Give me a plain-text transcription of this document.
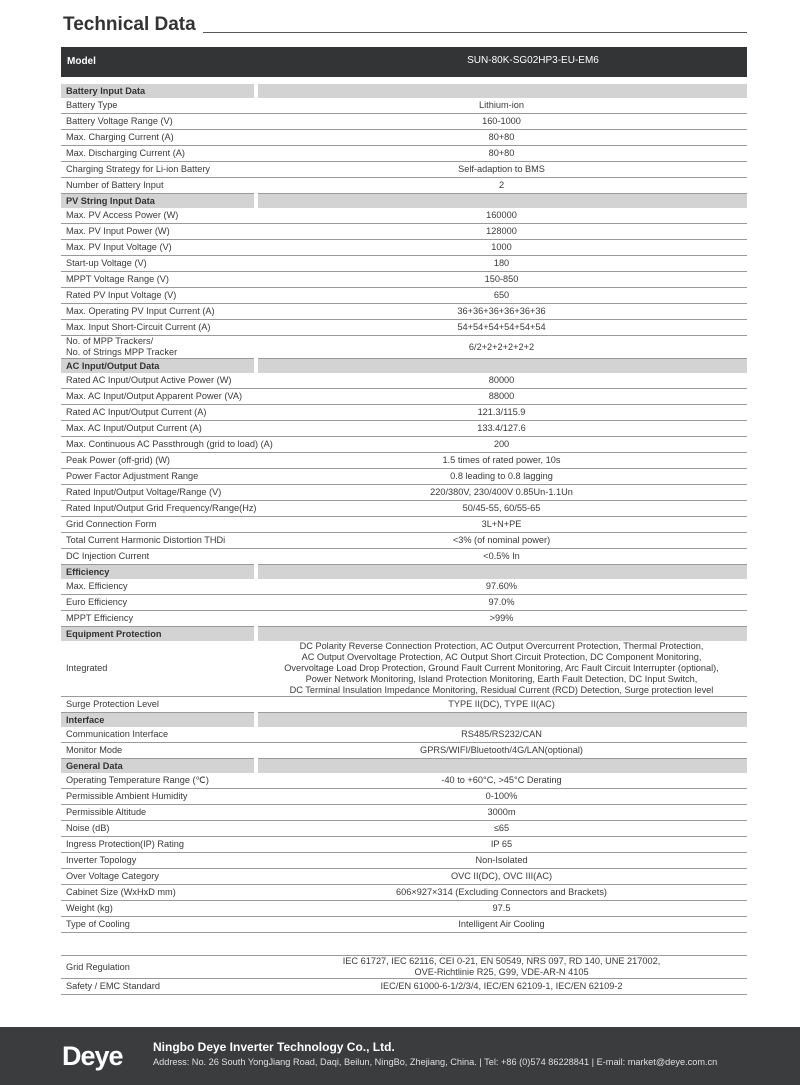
Technical Data
Model	SUN-80K-SG02HP3-EU-EM6
Battery Input Data	
Battery Type	Lithium-ion
Battery Voltage Range (V)	160-1000
Max. Charging Current (A)	80+80
Max. Discharging Current (A)	80+80
Charging Strategy for Li-ion Battery	Self-adaption to BMS
Number of Battery Input	2
PV String Input Data	
Max. PV Access Power (W)	160000
Max. PV Input Power (W)	128000
Max. PV Input Voltage (V)	1000
Start-up Voltage (V)	180
MPPT Voltage Range (V)	150-850
Rated PV Input Voltage (V)	650
Max. Operating PV Input Current (A)	36+36+36+36+36+36
Max. Input Short-Circuit Current (A)	54+54+54+54+54+54
No. of MPP Trackers/
No. of Strings MPP Tracker	6/2+2+2+2+2+2
AC Input/Output Data	
Rated AC Input/Output Active Power (W)	80000
Max. AC Input/Output Apparent Power (VA)	88000
Rated AC Input/Output Current (A)	121.3/115.9
Max. AC Input/Output Current (A)	133.4/127.6
Max. Continuous AC Passthrough (grid to load) (A)	200
Peak Power (off-grid) (W)	1.5 times of rated power, 10s
Power Factor Adjustment Range	0.8 leading to 0.8 lagging
Rated Input/Output Voltage/Range (V)	220/380V, 230/400V 0.85Un-1.1Un
Rated Input/Output Grid Frequency/Range(Hz)	50/45-55, 60/55-65
Grid Connection Form	3L+N+PE
Total Current Harmonic Distortion THDi	<3% (of nominal power)
DC Injection Current	<0.5% In
Efficiency	
Max. Efficiency	97.60%
Euro Efficiency	97.0%
MPPT Efficiency	>99%
Equipment Protection	
Integrated	DC Polarity Reverse Connection Protection, AC Output Overcurrent Protection, Thermal Protection,
AC Output Overvoltage Protection, AC Output Short Circuit Protection, DC Component Monitoring,
Overvoltage Load Drop Protection, Ground Fault Current Monitoring, Arc Fault Circuit Interrupter (optional),
Power Network Monitoring, Island Protection Monitoring, Earth Fault Detection, DC Input Switch,
DC Terminal Insulation Impedance Monitoring, Residual Current (RCD) Detection, Surge protection level
Surge Protection Level	TYPE II(DC), TYPE II(AC)
Interface	
Communication Interface	RS485/RS232/CAN
Monitor Mode	GPRS/WIFI/Bluetooth/4G/LAN(optional)
General Data	
Operating Temperature Range (℃)	-40 to +60°C, >45°C Derating
Permissible Ambient Humidity	0-100%
Permissible Altitude	3000m
Noise (dB)	≤65
Ingress Protection(IP) Rating	IP 65
Inverter Topology	Non-Isolated
Over Voltage Category	OVC II(DC), OVC III(AC)
Cabinet Size (WxHxD mm)	606×927×314 (Excluding Connectors and Brackets)
Weight (kg)	97.5
Type of Cooling	Intelligent Air Cooling

Grid Regulation	IEC 61727, IEC 62116, CEI 0-21, EN 50549, NRS 097, RD 140, UNE 217002,
OVE-Richtlinie R25, G99, VDE-AR-N 4105
Safety / EMC Standard	IEC/EN 61000-6-1/2/3/4, IEC/EN 62109-1, IEC/EN 62109-2
Deye	Ningbo Deye Inverter Technology Co., Ltd.
Address: No. 26 South YongJiang Road, Daqi, Beilun, NingBo, Zhejiang, China. | Tel: +86 (0)574 86228841 | E-mail: market@deye.com.cn
